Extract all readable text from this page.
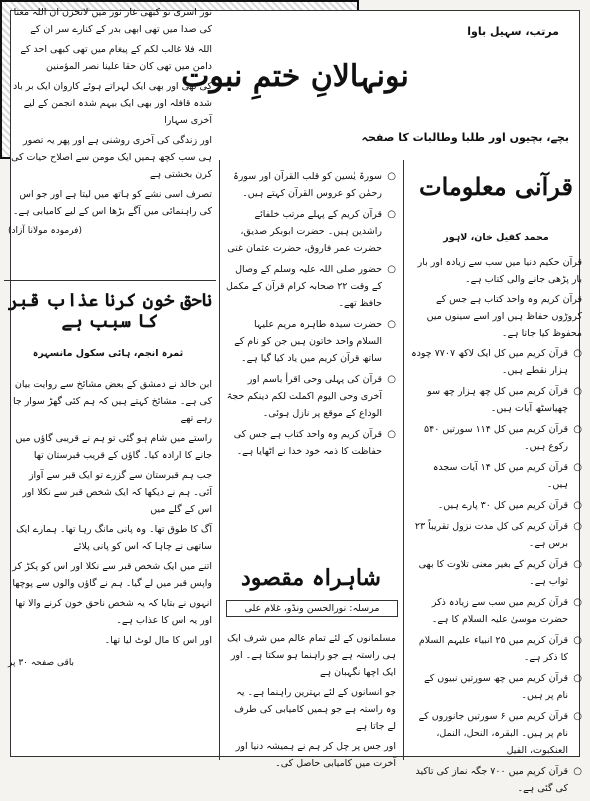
مرتب، سہیل باوا
نونہالانِ ختمِ نبوت
بچے، بچیوں اور طلبا وطالبات کا صفحہ

نور اسری تو کبھی غار ثور میں لاتحزن ان اللہ معنا کی صدا میں تھی ابھی بدر کے کنارے سر ان کے

اللہ فلا غالب لکم کے پیغام میں تھی کبھی احد کے دامن میں تھی کان حقا علینا نصر المؤمنین

کی تھی اور بھی ایک لہراتے ہوئے کاروان ایک بر باد شدہ قافلہ اور بھی ایک بیہم شدہ انجمن کے لیے آخری سہارا

اور زندگی کی آخری روشنی ہے اور پھر یہ تصور ہی سب کچھ ہمیں ایک مومن سے اصلاح حیات کی کرن بخشتی ہے

تصرف اسی نشے کو ہاتھ میں لیتا ہے اور جو اس کی راہنمائی میں آگے بڑھا اس کے لیے کامیابی ہے۔

(فرمودہ مولانا آزاد)

ناحق خون کرنا عذاب قبر کا سبب ہے
ثمرہ انجم، ہائی سکول مانسہرہ

ابن خالد نے دمشق کے بعض مشائخ سے روایت بیان کی ہے۔ مشائخ کہتے ہیں کہ ہم کئی گھڑ سوار جا رہے تھے

راستے میں شام ہو گئی تو ہم نے قریبی گاؤں میں جانے کا ارادہ کیا۔ گاؤں کے قریب قبرستان تھا

جب ہم قبرستان سے گزرے تو ایک قبر سے آواز آئی۔ ہم نے دیکھا کہ ایک شخص قبر سے نکلا اور اس کے گلے میں

آگ کا طوق تھا۔ وہ پانی مانگ رہا تھا۔ ہمارے ایک ساتھی نے چاہا کہ اس کو پانی پلائے

اتنے میں ایک شخص قبر سے نکلا اور اس کو پکڑ کر واپس قبر میں لے گیا۔ ہم نے گاؤں والوں سے پوچھا

انہوں نے بتایا کہ یہ شخص ناحق خون کرنے والا تھا اور یہ اس کا عذاب ہے۔

اور اس کا مال لوٹ لیا تھا۔

باقی صفحہ ۳۰ پر

○ سورۃ یٰسین کو قلب القرآن اور سورۃ رحمٰن کو عروس القرآن کہتے ہیں۔
○ قرآن کریم کے پہلے مرتب خلفائے راشدین ہیں۔ حضرت ابوبکر صدیق، حضرت عمر فاروق، حضرت عثمان غنی
○ حضور صلی اللہ علیہ وسلم کے وصال کے وقت ۲۲ صحابہ کرام قرآن کے مکمل حافظ تھے۔
○ حضرت سیدہ طاہرہ مریم علیہا السلام واحد خاتون ہیں جن کو نام کے ساتھ قرآن کریم میں یاد کیا گیا ہے۔
○ قرآن کی پہلی وحی اقرأ باسم اور آخری وحی الیوم اکملت لکم دینکم حجۃ الوداع کے موقع پر نازل ہوئی۔
○ قرآن کریم وہ واحد کتاب ہے جس کی حفاظت کا ذمہ خود خدا نے اٹھایا ہے۔
شاہراہ مقصود
مرسلہ: نورالحسن ونڈو، غلام علی

مسلمانوں کے لئے تمام عالم میں شرف ایک ہی راستہ ہے جو راہنما ہو سکتا ہے۔ اور ایک اچھا نگہبان ہے

جو انسانوں کے لئے بہترین راہنما ہے۔ یہ وہ راستہ ہے جو ہمیں کامیابی کی طرف لے جاتا ہے

اور جس پر چل کر ہم نے ہمیشہ دنیا اور آخرت میں کامیابی حاصل کی۔

قرآنی معلومات
محمد کفیل خان، لاہور

قرآن حکیم دنیا میں سب سے زیادہ اور بار بار پڑھی جانے والی کتاب ہے۔

قرآن کریم وہ واحد کتاب ہے جس کے کروڑوں حفاظ ہیں اور اسے سینوں میں محفوظ کیا جاتا ہے۔

○ قرآن کریم میں کل ایک لاکھ ۷۷۰۷ چودہ ہزار نقطے ہیں۔
○ قرآن کریم میں کل چھ ہزار چھ سو چھیاسٹھ آیات ہیں۔
○ قرآن کریم میں کل ۱۱۴ سورتیں ۵۴۰ رکوع ہیں۔
○ قرآن کریم میں کل ۱۴ آیات سجدہ ہیں۔
○ قرآن کریم میں کل ۳۰ پارے ہیں۔
○ قرآن کریم کی کل مدت نزول تقریباً ۲۳ برس ہے۔
○ قرآن کریم کے بغیر معنی تلاوت کا بھی ثواب ہے۔
○ قرآن کریم میں سب سے زیادہ ذکر حضرت موسیٰ علیہ السلام کا ہے۔
○ قرآن کریم میں ۲۵ انبیاء علیہم السلام کا ذکر ہے۔
○ قرآن کریم میں چھ سورتیں نبیوں کے نام پر ہیں۔
○ قرآن کریم میں ۶ سورتیں جانوروں کے نام پر ہیں۔ البقرہ، النحل، النمل، العنکبوت، الفیل
○ قرآن کریم میں ۷۰۰ جگہ نماز کی تاکید کی گئی ہے۔
